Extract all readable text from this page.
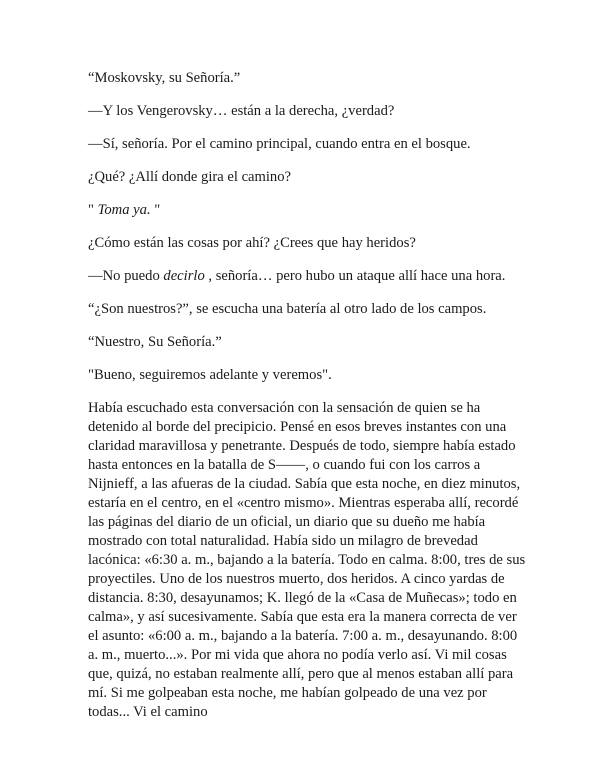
“Moskovsky, su Señoría.”

—Y los Vengerovsky… están a la derecha, ¿verdad?

—Sí, señoría. Por el camino principal, cuando entra en el bosque.

¿Qué? ¿Allí donde gira el camino?

" Toma ya. "

¿Cómo están las cosas por ahí? ¿Crees que hay heridos?

—No puedo decirlo , señoría… pero hubo un ataque allí hace una hora.

“¿Son nuestros?”, se escucha una batería al otro lado de los campos.

“Nuestro, Su Señoría.”

"Bueno, seguiremos adelante y veremos".

Había escuchado esta conversación con la sensación de quien se ha detenido al borde del precipicio. Pensé en esos breves instantes con una claridad maravillosa y penetrante. Después de todo, siempre había estado hasta entonces en la batalla de S——, o cuando fui con los carros a Nijnieff, a las afueras de la ciudad. Sabía que esta noche, en diez minutos, estaría en el centro, en el «centro mismo». Mientras esperaba allí, recordé las páginas del diario de un oficial, un diario que su dueño me había mostrado con total naturalidad. Había sido un milagro de brevedad lacónica: «6:30 a. m., bajando a la batería. Todo en calma. 8:00, tres de sus proyectiles. Uno de los nuestros muerto, dos heridos. A cinco yardas de distancia. 8:30, desayunamos; K. llegó de la «Casa de Muñecas»; todo en calma», y así sucesivamente. Sabía que esta era la manera correcta de ver el asunto: «6:00 a. m., bajando a la batería. 7:00 a. m., desayunando. 8:00 a. m., muerto...». Por mi vida que ahora no podía verlo así. Vi mil cosas que, quizá, no estaban realmente allí, pero que al menos estaban allí para mí. Si me golpeaban esta noche, me habían golpeado de una vez por todas... Vi el camino
